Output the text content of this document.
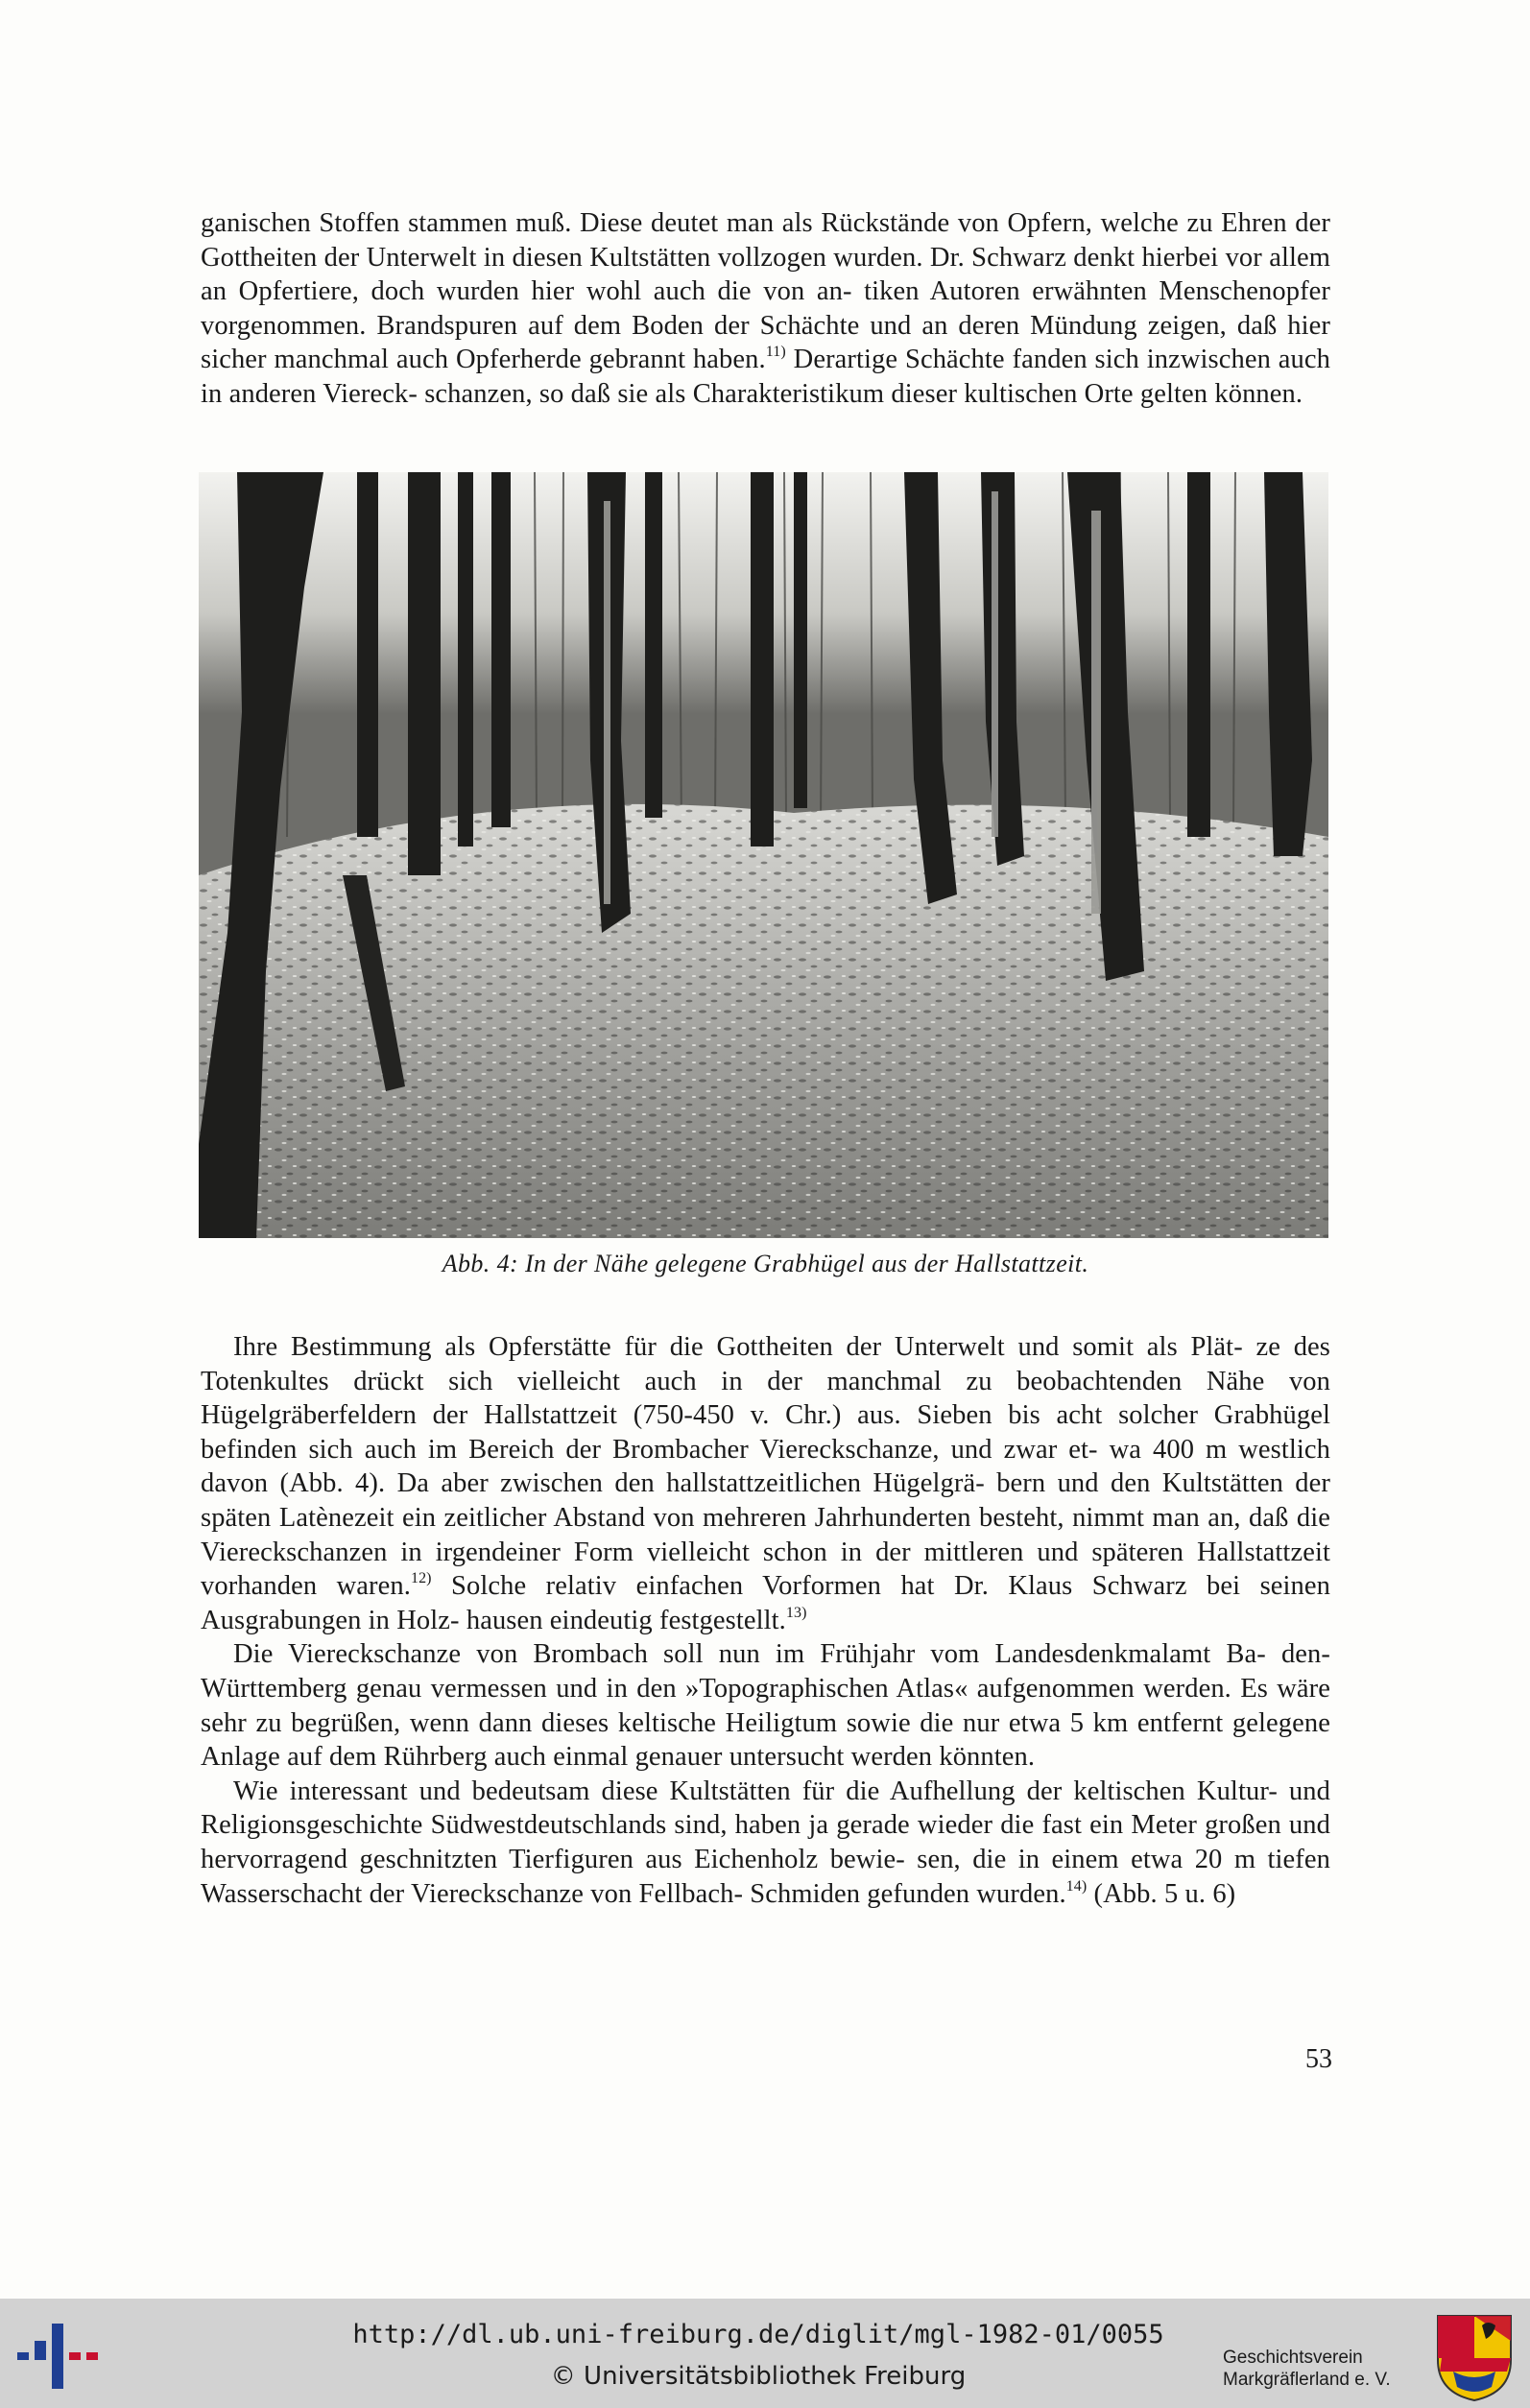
ganischen Stoffen stammen muß. Diese deutet man als Rückstände von Opfern, welche zu Ehren der Gottheiten der Unterwelt in diesen Kultstätten vollzogen wurden. Dr. Schwarz denkt hierbei vor allem an Opfertiere, doch wurden hier wohl auch die von an- tiken Autoren erwähnten Menschenopfer vorgenommen. Brandspuren auf dem Boden der Schächte und an deren Mündung zeigen, daß hier sicher manchmal auch Opferherde gebrannt haben.$^{11)}$ Derartige Schächte fanden sich inzwischen auch in anderen Viereck- schanzen, so daß sie als Charakteristikum dieser kultischen Orte gelten können.

Abb. 4: In der Nähe gelegene Grabhügel aus der Hallstattzeit.

Ihre Bestimmung als Opferstätte für die Gottheiten der Unterwelt und somit als Plät- ze des Totenkultes drückt sich vielleicht auch in der manchmal zu beobachtenden Nähe von Hügelgräberfeldern der Hallstattzeit (750-450 v. Chr.) aus. Sieben bis acht solcher Grabhügel befinden sich auch im Bereich der Brombacher Viereckschanze, und zwar et- wa 400 m westlich davon (Abb. 4). Da aber zwischen den hallstattzeitlichen Hügelgrä- bern und den Kultstätten der späten Latènezeit ein zeitlicher Abstand von mehreren Jahrhunderten besteht, nimmt man an, daß die Viereckschanzen in irgendeiner Form vielleicht schon in der mittleren und späteren Hallstattzeit vorhanden waren.$^{12)}$ Solche relativ einfachen Vorformen hat Dr. Klaus Schwarz bei seinen Ausgrabungen in Holz- hausen eindeutig festgestellt.$^{13)}$

Die Viereckschanze von Brombach soll nun im Frühjahr vom Landesdenkmalamt Ba- den-Württemberg genau vermessen und in den »Topographischen Atlas« aufgenommen werden. Es wäre sehr zu begrüßen, wenn dann dieses keltische Heiligtum sowie die nur etwa 5 km entfernt gelegene Anlage auf dem Rührberg auch einmal genauer untersucht werden könnten.

Wie interessant und bedeutsam diese Kultstätten für die Aufhellung der keltischen Kultur- und Religionsgeschichte Südwestdeutschlands sind, haben ja gerade wieder die fast ein Meter großen und hervorragend geschnitzten Tierfiguren aus Eichenholz bewie- sen, die in einem etwa 20 m tiefen Wasserschacht der Viereckschanze von Fellbach- Schmiden gefunden wurden.$^{14)}$ (Abb. 5 u. 6)

53
http://dl.ub.uni-freiburg.de/diglit/mgl-1982-01/0055
© Universitätsbibliothek Freiburg
Geschichtsverein
Markgräflerland e. V.
